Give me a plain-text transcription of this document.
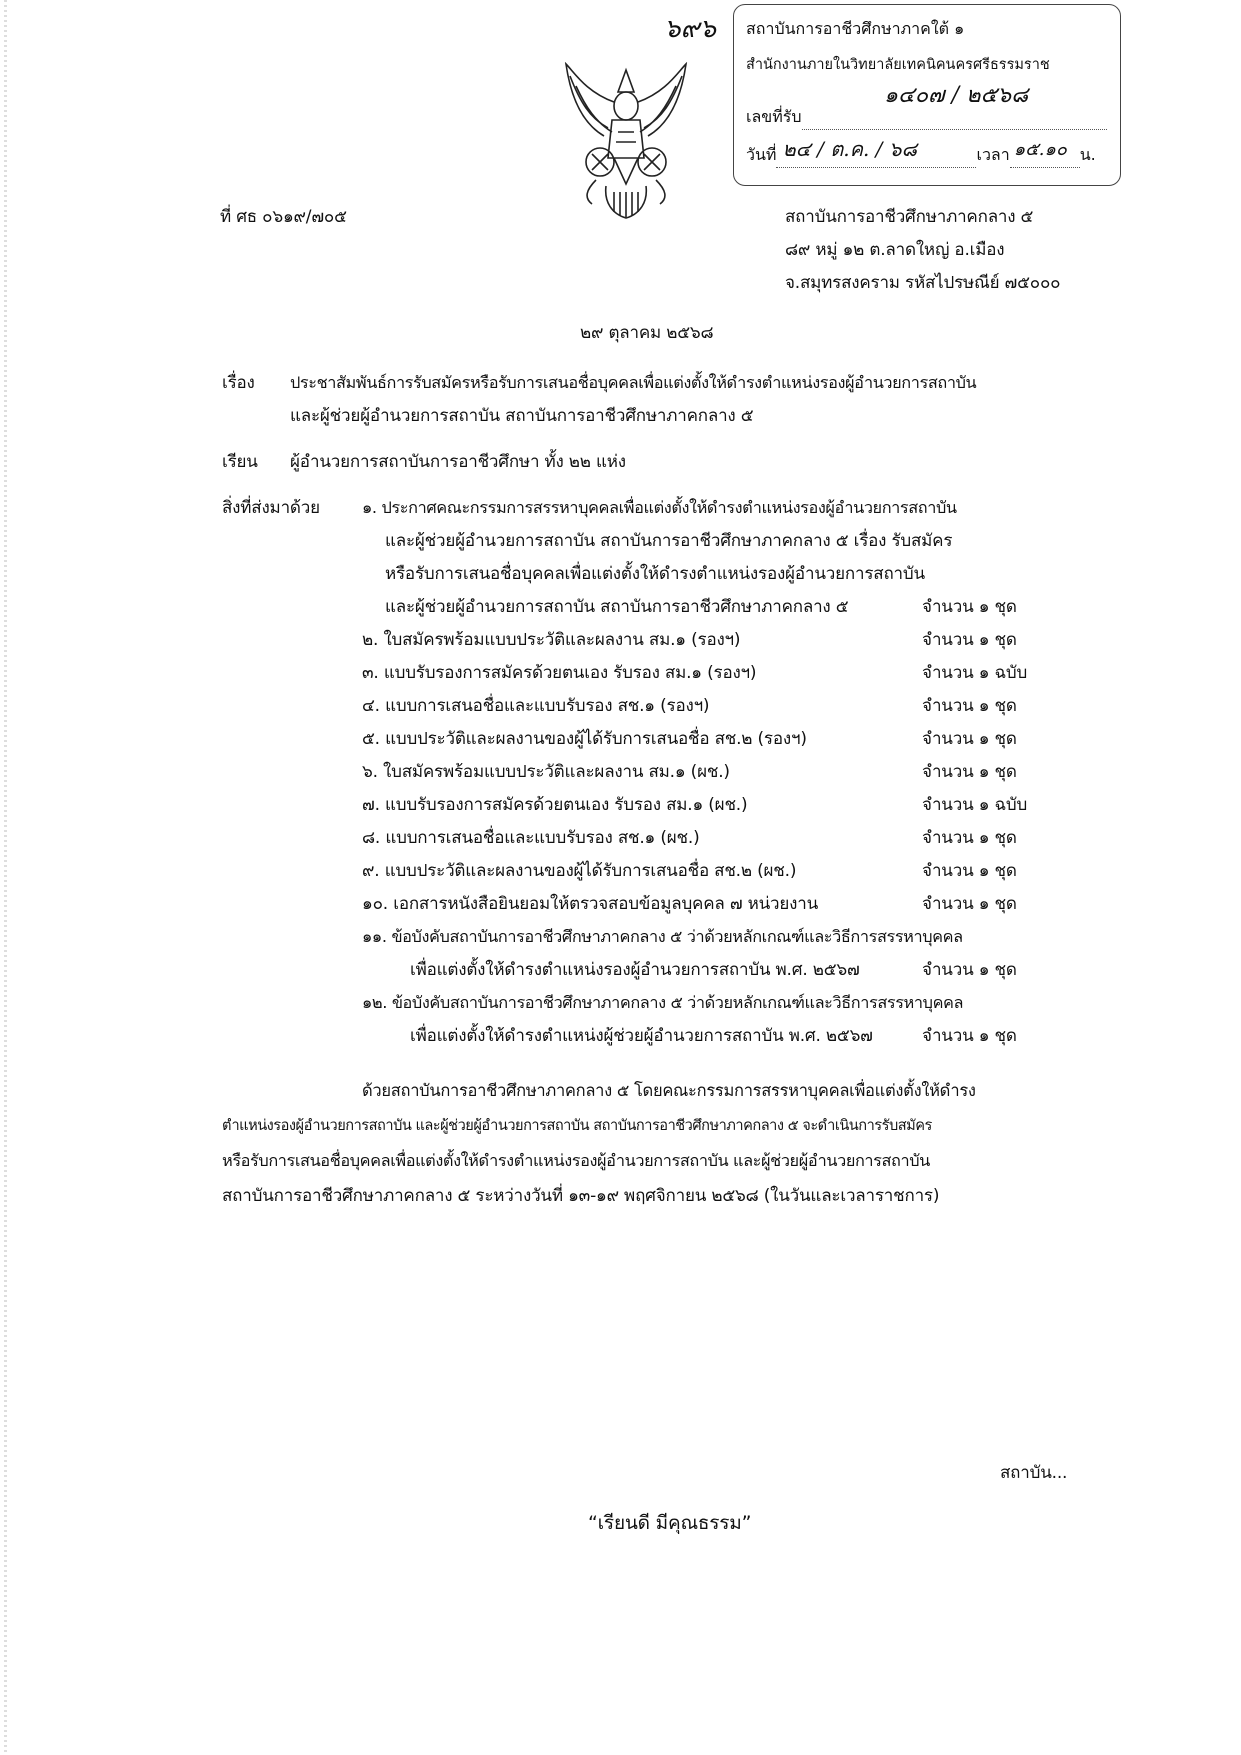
๖๙๖ สถาบันการอาชีวศึกษาภาคใต้ ๑
สำนักงานภายในวิทยาลัยเทคนิคนครศรีธรรมราช
๑๔๐๗ / ๒๕๖๘
เลขที่รับ
วันที่ ๒๔ / ต.ค. / ๖๘	เวลา ๑๕.๑๐ น.
ที่ ศธ ๐๖๑๙/๗๐๕	สถาบันการอาชีวศึกษาภาคกลาง ๕
๘๙ หมู่ ๑๒ ต.ลาดใหญ่ อ.เมือง
จ.สมุทรสงคราม รหัสไปรษณีย์ ๗๕๐๐๐
๒๙ ตุลาคม ๒๕๖๘
เรื่อง ประชาสัมพันธ์การรับสมัครหรือรับการเสนอชื่อบุคคลเพื่อแต่งตั้งให้ดำรงตำแหน่งรองผู้อำนวยการสถาบัน
และผู้ช่วยผู้อำนวยการสถาบัน สถาบันการอาชีวศึกษาภาคกลาง ๕
เรียน ผู้อำนวยการสถาบันการอาชีวศึกษา ทั้ง ๒๒ แห่ง
สิ่งที่ส่งมาด้วย	๑. ประกาศคณะกรรมการสรรหาบุคคลเพื่อแต่งตั้งให้ดำรงตำแหน่งรองผู้อำนวยการสถาบัน
และผู้ช่วยผู้อำนวยการสถาบัน สถาบันการอาชีวศึกษาภาคกลาง ๕ เรื่อง รับสมัคร
หรือรับการเสนอชื่อบุคคลเพื่อแต่งตั้งให้ดำรงตำแหน่งรองผู้อำนวยการสถาบัน
และผู้ช่วยผู้อำนวยการสถาบัน สถาบันการอาชีวศึกษาภาคกลาง ๕	จำนวน ๑ ชุด
๒. ใบสมัครพร้อมแบบประวัติและผลงาน สม.๑ (รองฯ)	จำนวน ๑ ชุด
๓. แบบรับรองการสมัครด้วยตนเอง รับรอง สม.๑ (รองฯ)	จำนวน ๑ ฉบับ
๔. แบบการเสนอชื่อและแบบรับรอง สช.๑ (รองฯ)	จำนวน ๑ ชุด
๕. แบบประวัติและผลงานของผู้ได้รับการเสนอชื่อ สช.๒ (รองฯ)	จำนวน ๑ ชุด
๖. ใบสมัครพร้อมแบบประวัติและผลงาน สม.๑ (ผช.)	จำนวน ๑ ชุด
๗. แบบรับรองการสมัครด้วยตนเอง รับรอง สม.๑ (ผช.)	จำนวน ๑ ฉบับ
๘. แบบการเสนอชื่อและแบบรับรอง สช.๑ (ผช.)	จำนวน ๑ ชุด
๙. แบบประวัติและผลงานของผู้ได้รับการเสนอชื่อ สช.๒ (ผช.)	จำนวน ๑ ชุด
๑๐. เอกสารหนังสือยินยอมให้ตรวจสอบข้อมูลบุคคล ๗ หน่วยงาน	จำนวน ๑ ชุด
๑๑. ข้อบังคับสถาบันการอาชีวศึกษาภาคกลาง ๕ ว่าด้วยหลักเกณฑ์และวิธีการสรรหาบุคคล
เพื่อแต่งตั้งให้ดำรงตำแหน่งรองผู้อำนวยการสถาบัน พ.ศ. ๒๕๖๗	จำนวน ๑ ชุด
๑๒. ข้อบังคับสถาบันการอาชีวศึกษาภาคกลาง ๕ ว่าด้วยหลักเกณฑ์และวิธีการสรรหาบุคคล
เพื่อแต่งตั้งให้ดำรงตำแหน่งผู้ช่วยผู้อำนวยการสถาบัน พ.ศ. ๒๕๖๗	จำนวน ๑ ชุด
ด้วยสถาบันการอาชีวศึกษาภาคกลาง ๕ โดยคณะกรรมการสรรหาบุคคลเพื่อแต่งตั้งให้ดำรง
ตำแหน่งรองผู้อำนวยการสถาบัน และผู้ช่วยผู้อำนวยการสถาบัน สถาบันการอาชีวศึกษาภาคกลาง ๕ จะดำเนินการรับสมัคร
หรือรับการเสนอชื่อบุคคลเพื่อแต่งตั้งให้ดำรงตำแหน่งรองผู้อำนวยการสถาบัน และผู้ช่วยผู้อำนวยการสถาบัน
สถาบันการอาชีวศึกษาภาคกลาง ๕ ระหว่างวันที่ ๑๓-๑๙ พฤศจิกายน ๒๕๖๘ (ในวันและเวลาราชการ)
สถาบัน...
“เรียนดี มีคุณธรรม”
